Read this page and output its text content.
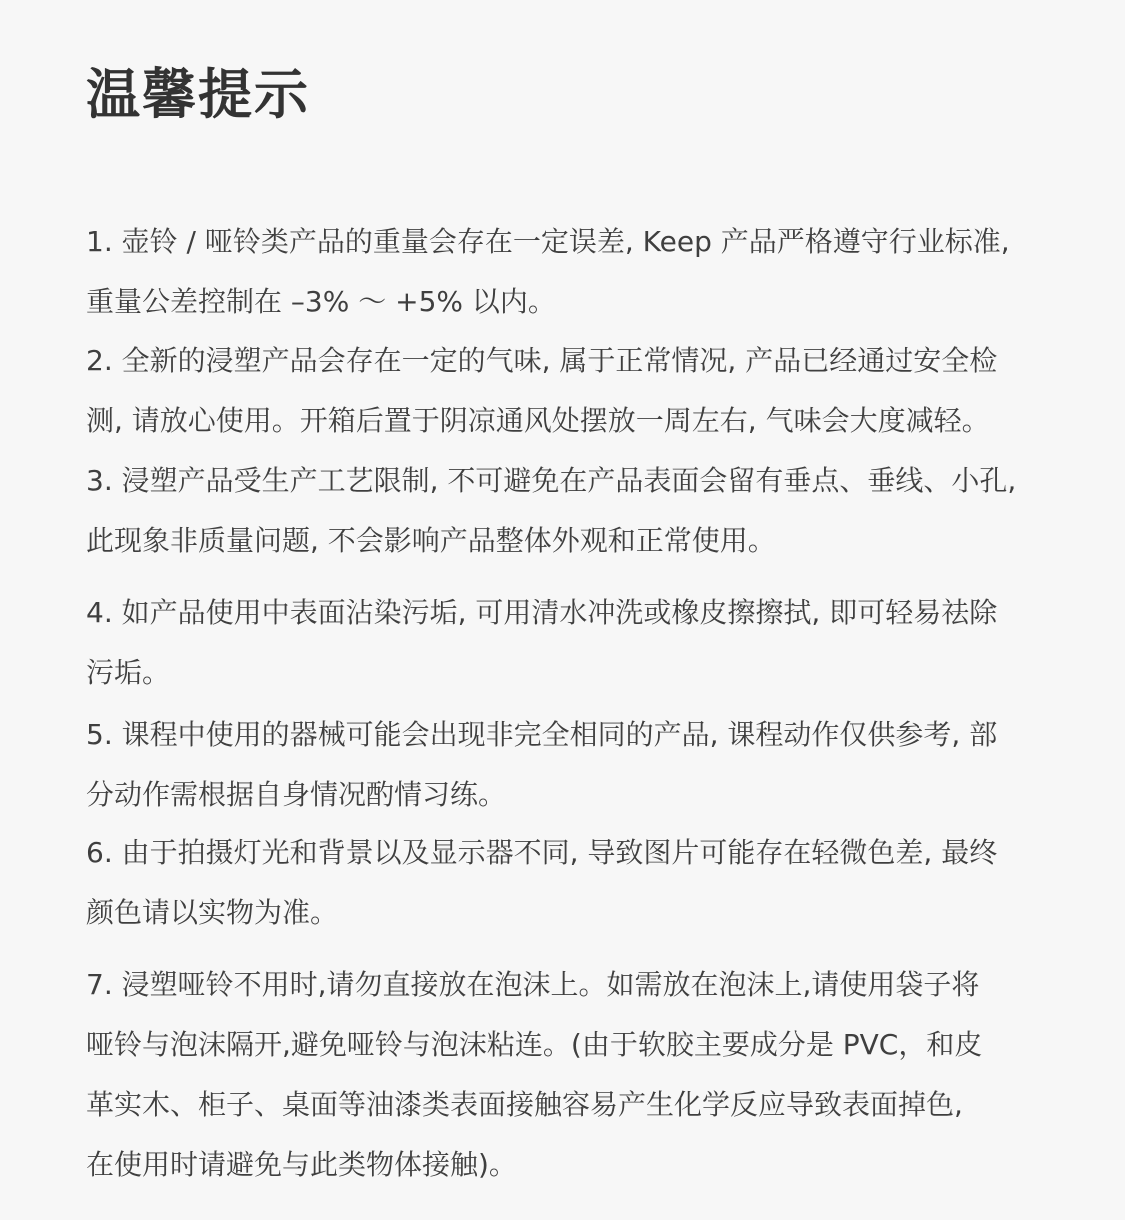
温馨提示
1. 壶铃 / 哑铃类产品的重量会存在一定误差, Keep 产品严格遵守行业标准,
重量公差控制在 –3% ～ +5% 以内。
2. 全新的浸塑产品会存在一定的气味, 属于正常情况, 产品已经通过安全检
测, 请放心使用。开箱后置于阴凉通风处摆放一周左右, 气味会大度减轻。
3. 浸塑产品受生产工艺限制, 不可避免在产品表面会留有垂点、垂线、小孔,
此现象非质量问题, 不会影响产品整体外观和正常使用。
4. 如产品使用中表面沾染污垢, 可用清水冲洗或橡皮擦擦拭, 即可轻易祛除
污垢。
5. 课程中使用的器械可能会出现非完全相同的产品, 课程动作仅供参考, 部
分动作需根据自身情况酌情习练。
6. 由于拍摄灯光和背景以及显示器不同, 导致图片可能存在轻微色差, 最终
颜色请以实物为准。
7. 浸塑哑铃不用时,请勿直接放在泡沫上。如需放在泡沫上,请使用袋子将
哑铃与泡沫隔开,避免哑铃与泡沫粘连。(由于软胶主要成分是 PVC，和皮
革实木、柜子、桌面等油漆类表面接触容易产生化学反应导致表面掉色,
在使用时请避免与此类物体接触)。
